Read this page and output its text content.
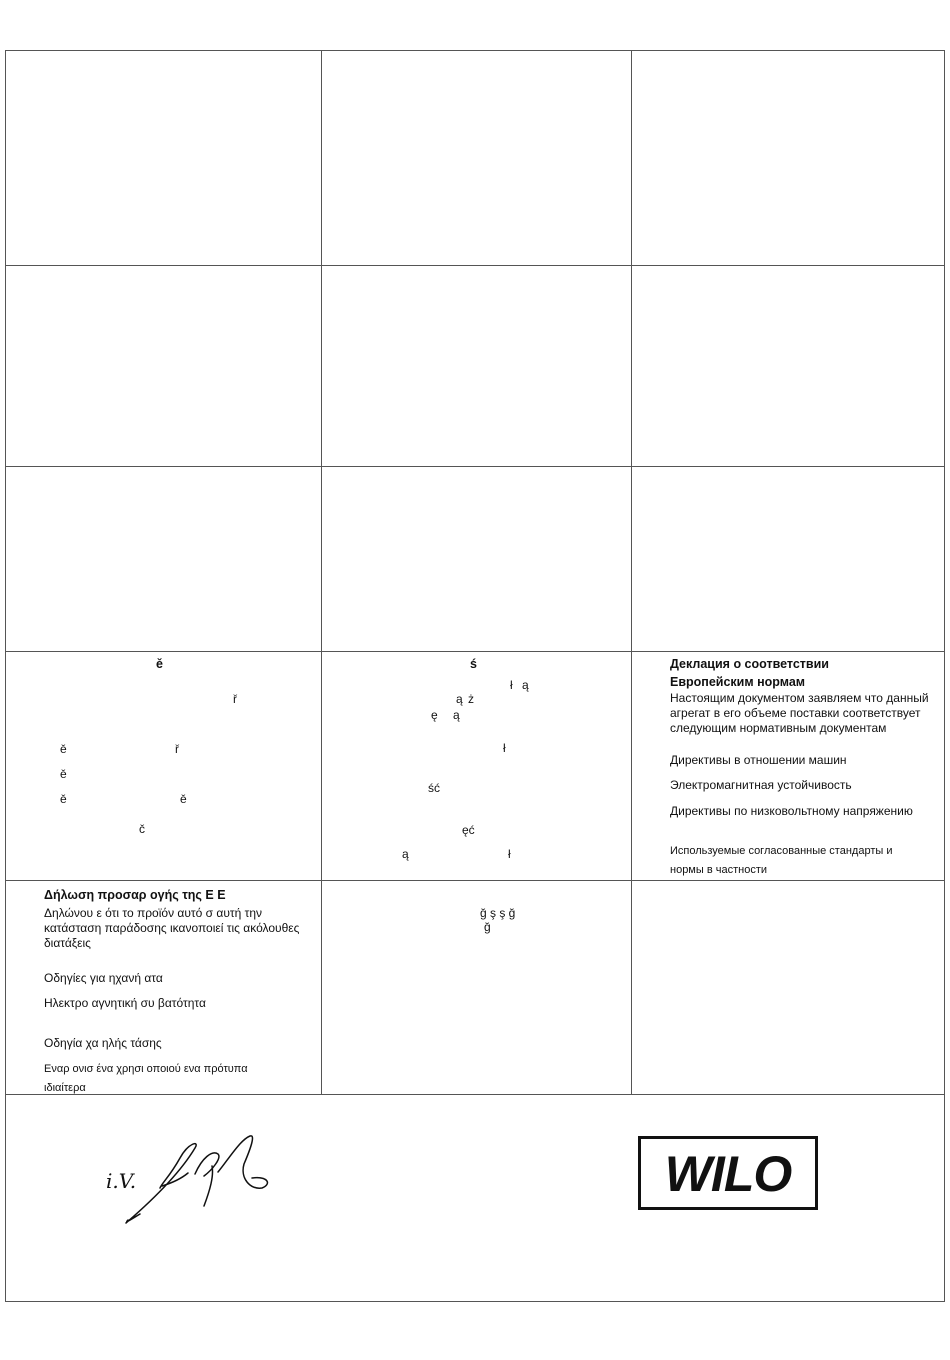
ě
ř
ě ř
ě
ě ě
č
ś
ł ą
ą ż
ę ą
ł
ść
ęć
ą ł
Деклация о соответствии
Европейским нормам
Настоящим документом заявляем что данный
агрегат в его объеме поставки соответствует
следующим нормативным документам
Директивы в отношении машин
Электромагнитная устойчивость
Директивы по низковольтному напряжению
Используемые согласованные стандарты и
нормы в частности
Δήλωση προσαρ ογής της Ε Ε
Δηλώνου ε ότι το προϊόν αυτό σ αυτή την
κατάσταση παράδοσης ικανοποιεί τις ακόλουθες
διατάξεις
Οδηγίες για ηχανή ατα
Ηλεκτρο αγνητική συ βατότητα
Οδηγία χα ηλής τάσης
Εναρ ονισ ένα χρησι οποιού ενα πρότυπα
ιδιαίτερα
ğ ş ş ğ
ğ
i.V.	WILO
